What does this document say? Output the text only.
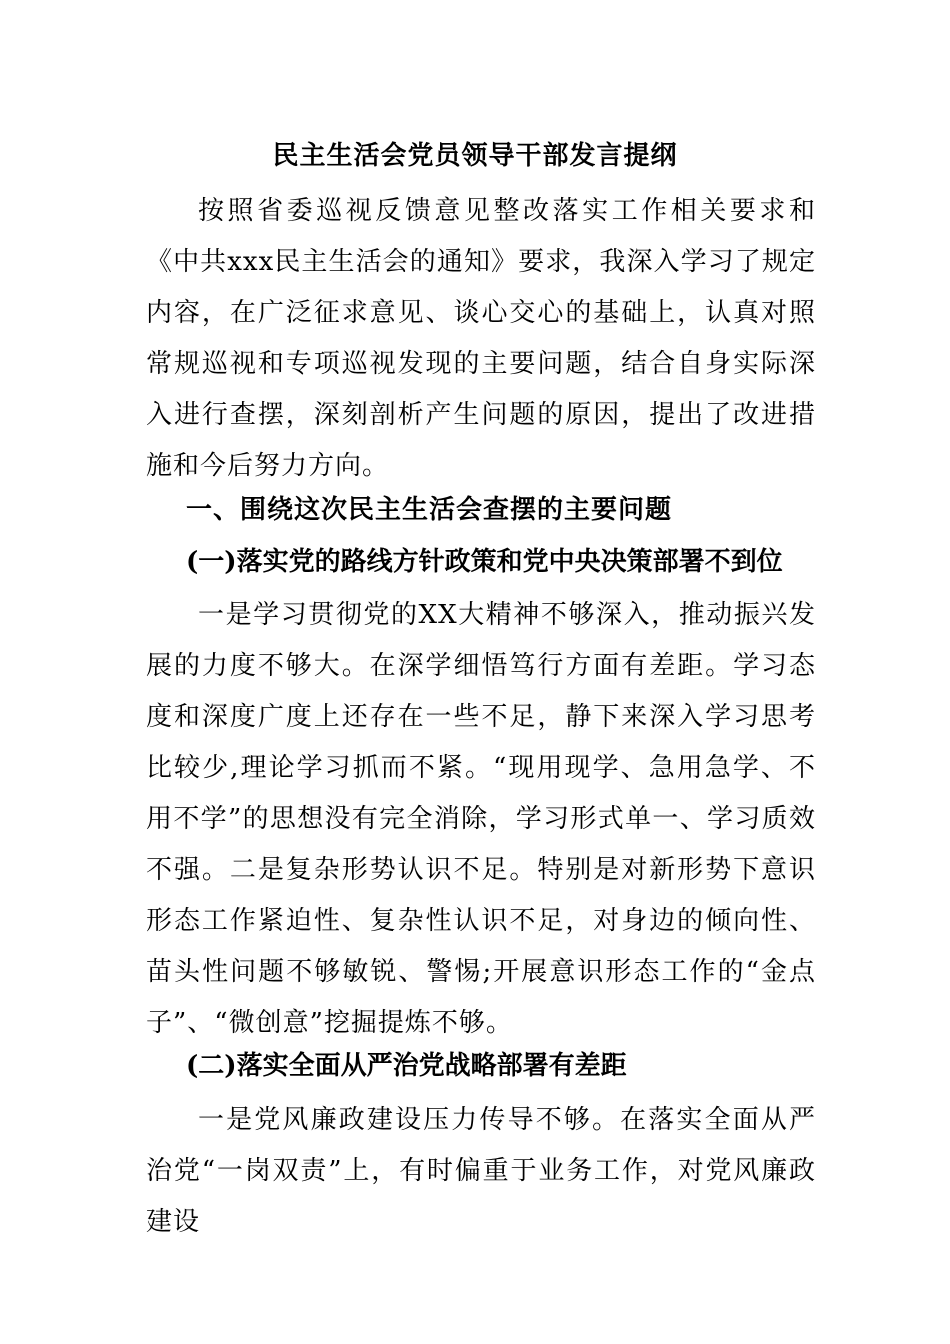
民主生活会党员领导干部发言提纲

按照省委巡视反馈意见整改落实工作相关要求和《中共xxx民主生活会的通知》要求，我深入学习了规定内容，在广泛征求意见、谈心交心的基础上，认真对照常规巡视和专项巡视发现的主要问题，结合自身实际深入进行查摆，深刻剖析产生问题的原因，提出了改进措施和今后努力方向。

一、围绕这次民主生活会查摆的主要问题
(一)落实党的路线方针政策和党中央决策部署不到位

一是学习贯彻党的XX大精神不够深入，推动振兴发展的力度不够大。在深学细悟笃行方面有差距。学习态度和深度广度上还存在一些不足，静下来深入学习思考比较少,理论学习抓而不紧。“现用现学、急用急学、不用不学”的思想没有完全消除，学习形式单一、学习质效不强。二是复杂形势认识不足。特别是对新形势下意识形态工作紧迫性、复杂性认识不足，对身边的倾向性、苗头性问题不够敏锐、警惕;开展意识形态工作的“金点子”、“微创意”挖掘提炼不够。

(二)落实全面从严治党战略部署有差距

一是党风廉政建设压力传导不够。在落实全面从严治党“一岗双责”上，有时偏重于业务工作，对党风廉政建设
